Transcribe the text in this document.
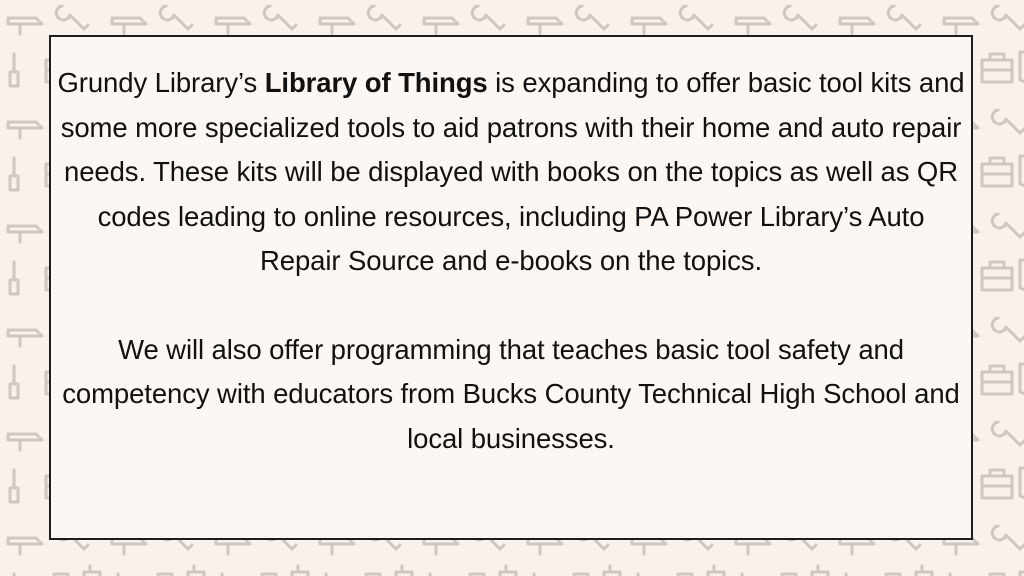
Grundy Library’s Library of Things is expanding to offer basic tool kits and some more specialized tools to aid patrons with their home and auto repair needs. These kits will be displayed with books on the topics as well as QR codes leading to online resources, including PA Power Library’s Auto Repair Source and e-books on the topics.

We will also offer programming that teaches basic tool safety and competency with educators from Bucks County Technical High School and local businesses.
